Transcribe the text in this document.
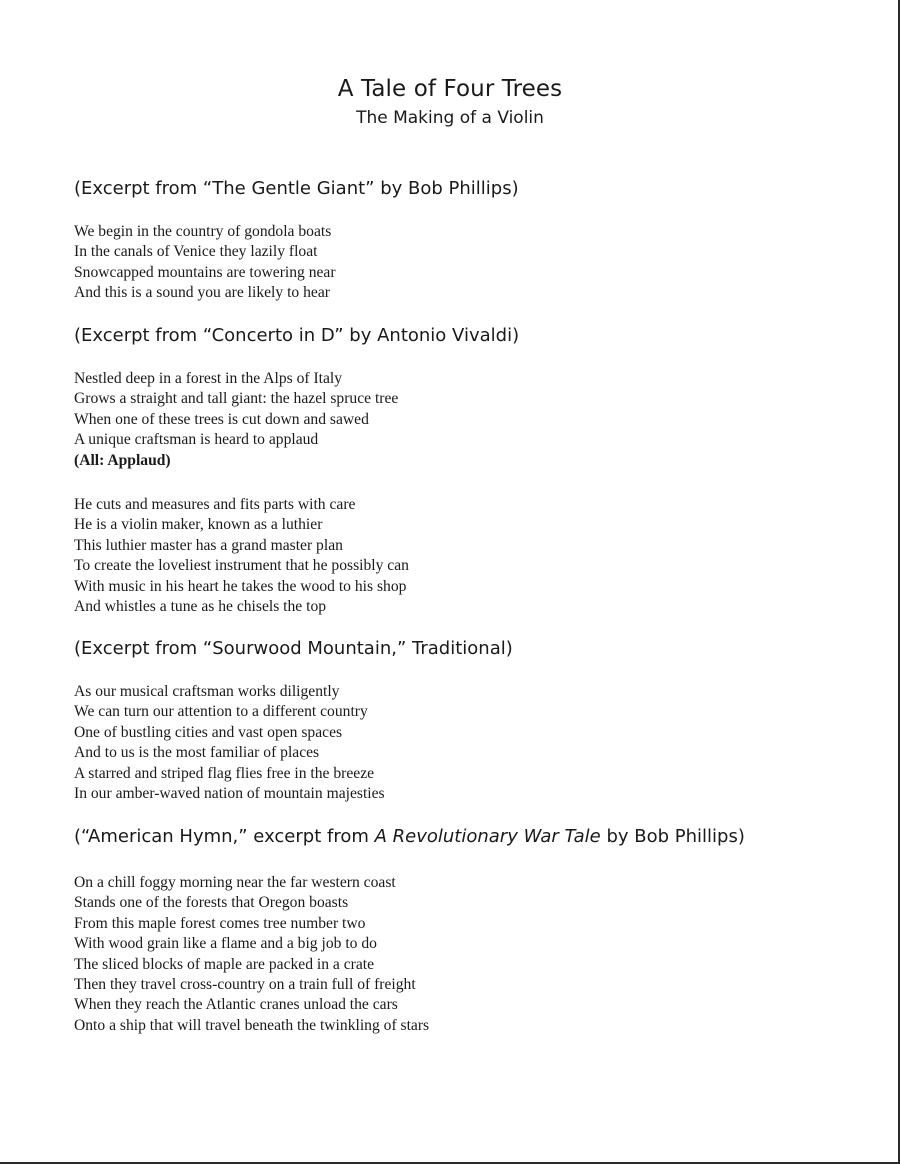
A Tale of Four Trees
The Making of a Violin
(Excerpt from “The Gentle Giant” by Bob Phillips)
We begin in the country of gondola boats
In the canals of Venice they lazily float
Snowcapped mountains are towering near
And this is a sound you are likely to hear
(Excerpt from “Concerto in D” by Antonio Vivaldi)
Nestled deep in a forest in the Alps of Italy
Grows a straight and tall giant: the hazel spruce tree
When one of these trees is cut down and sawed
A unique craftsman is heard to applaud
(All: Applaud)
He cuts and measures and fits parts with care
He is a violin maker, known as a luthier
This luthier master has a grand master plan
To create the loveliest instrument that he possibly can
With music in his heart he takes the wood to his shop
And whistles a tune as he chisels the top
(Excerpt from “Sourwood Mountain,” Traditional)
As our musical craftsman works diligently
We can turn our attention to a different country
One of bustling cities and vast open spaces
And to us is the most familiar of places
A starred and striped flag flies free in the breeze
In our amber-waved nation of mountain majesties
(“American Hymn,” excerpt from A Revolutionary War Tale by Bob Phillips)
On a chill foggy morning near the far western coast
Stands one of the forests that Oregon boasts
From this maple forest comes tree number two
With wood grain like a flame and a big job to do
The sliced blocks of maple are packed in a crate
Then they travel cross-country on a train full of freight
When they reach the Atlantic cranes unload the cars
Onto a ship that will travel beneath the twinkling of stars
